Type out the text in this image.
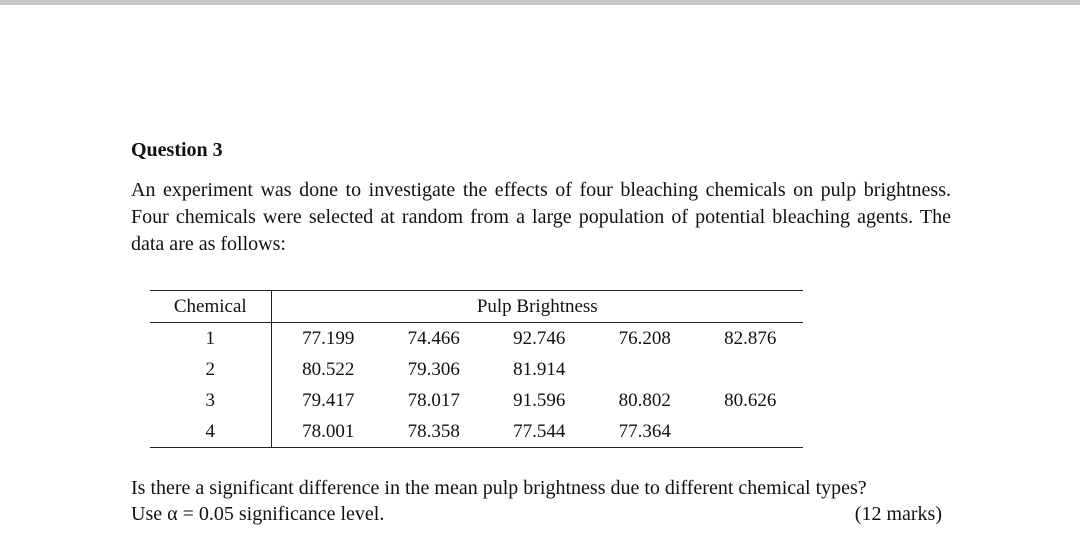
Question 3

An experiment was done to investigate the effects of four bleaching chemicals on pulp brightness. Four chemicals were selected at random from a large population of potential bleaching agents. The data are as follows:

Chemical	Pulp Brightness				
1	77.199	74.466	92.746	76.208	82.876
2	80.522	79.306	81.914		
3	79.417	78.017	91.596	80.802	80.626
4	78.001	78.358	77.544	77.364	
Is there a significant difference in the mean pulp brightness due to different chemical types?
Use α = 0.05 significance level.	(12 marks)
